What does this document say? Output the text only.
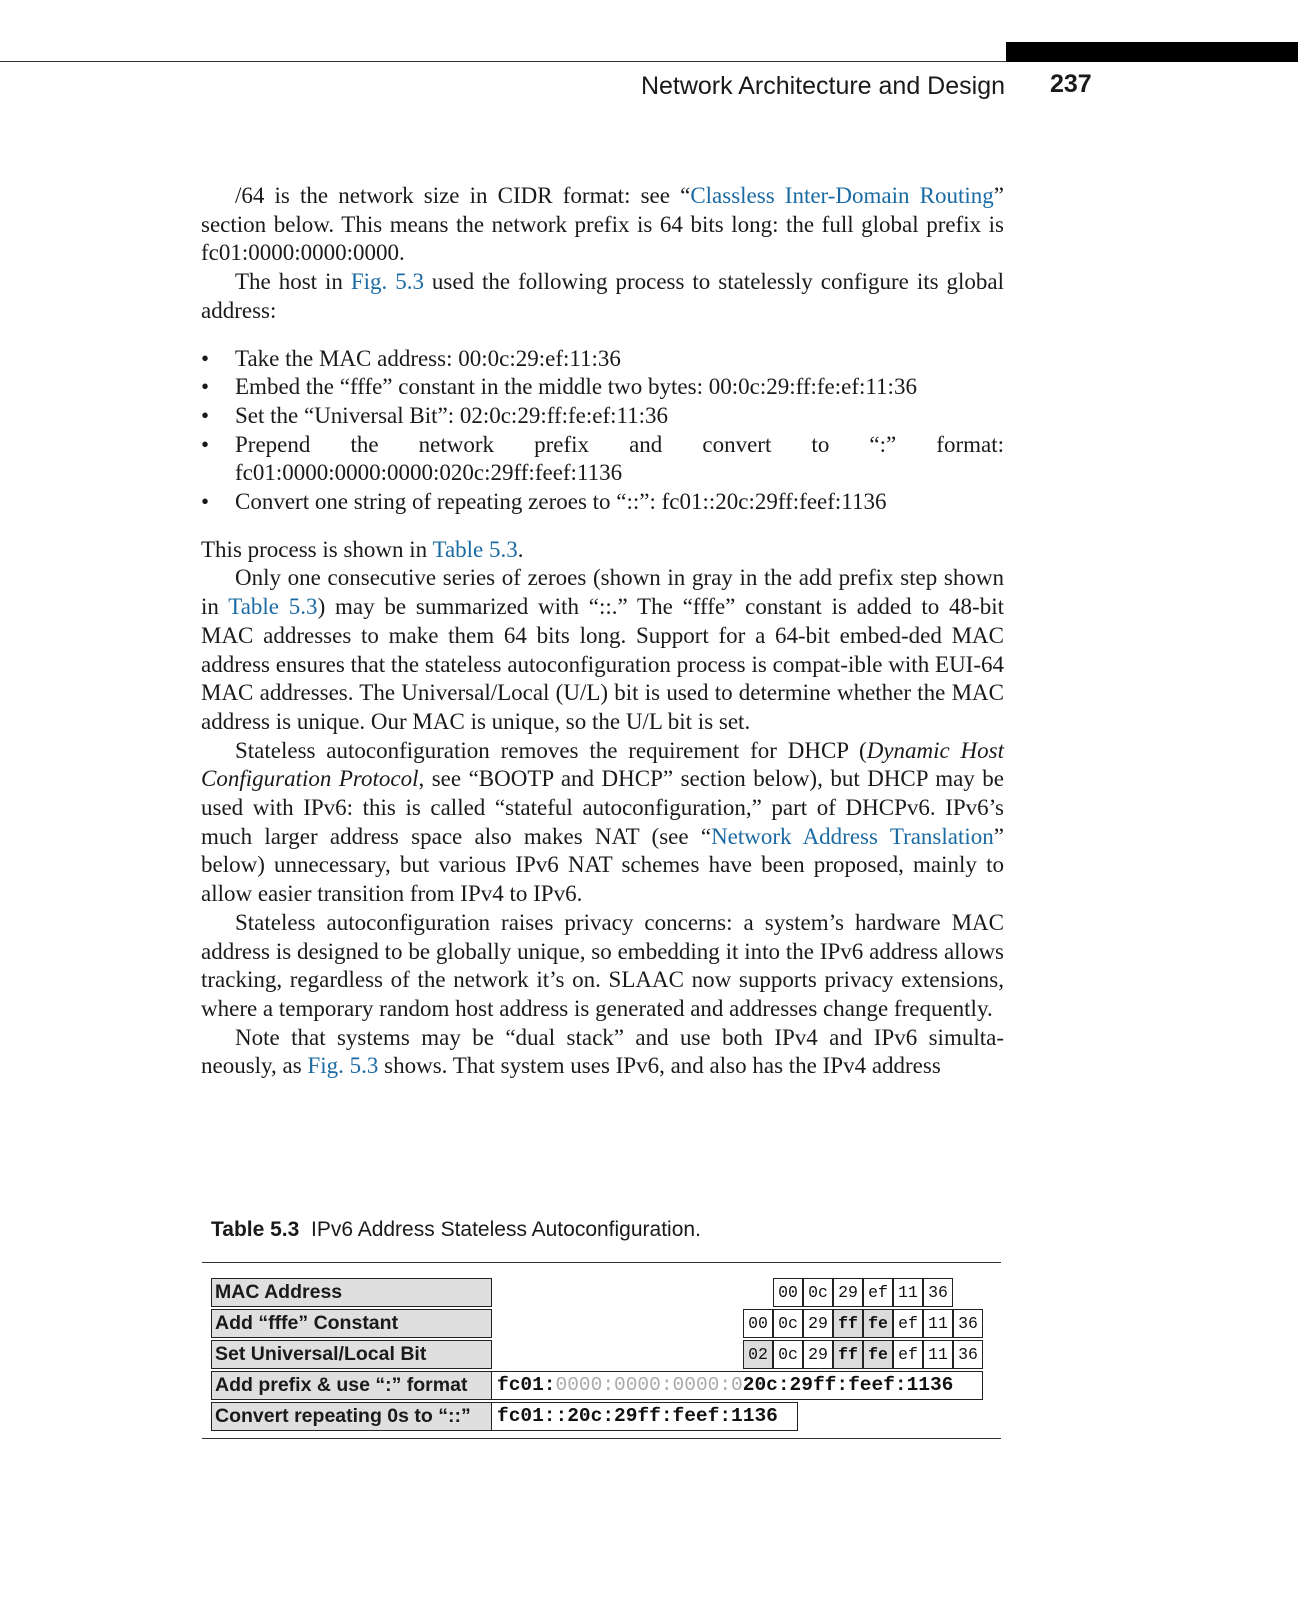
Network Architecture and Design 237

/64 is the network size in CIDR format: see “Classless Inter-Domain Routing” section below. This means the network prefix is 64 bits long: the full global prefix is fc01:0000:0000:0000.

The host in Fig. 5.3 used the following process to statelessly configure its global address:

• Take the MAC address: 00:0c:29:ef:11:36
• Embed the “fffe” constant in the middle two bytes: 00:0c:29:ff:fe:ef:11:36
• Set the “Universal Bit”: 02:0c:29:ff:fe:ef:11:36
• Prepend the network prefix and convert to “:” format:
fc01:0000:0000:0000:020c:29ff:feef:1136
• Convert one string of repeating zeroes to “::”: fc01::20c:29ff:feef:1136

This process is shown in Table 5.3.

Only one consecutive series of zeroes (shown in gray in the add prefix step shown in Table 5.3) may be summarized with “::.” The “fffe” constant is added to 48-bit MAC addresses to make them 64 bits long. Support for a 64-bit embed-ded MAC address ensures that the stateless autoconfiguration process is compat-ible with EUI-64 MAC addresses. The Universal/Local (U/L) bit is used to determine whether the MAC address is unique. Our MAC is unique, so the U/L bit is set.

Stateless autoconfiguration removes the requirement for DHCP (Dynamic Host Configuration Protocol, see “BOOTP and DHCP” section below), but DHCP may be used with IPv6: this is called “stateful autoconfiguration,” part of DHCPv6. IPv6’s much larger address space also makes NAT (see “Network Address Translation” below) unnecessary, but various IPv6 NAT schemes have been proposed, mainly to allow easier transition from IPv4 to IPv6.

Stateless autoconfiguration raises privacy concerns: a system’s hardware MAC address is designed to be globally unique, so embedding it into the IPv6 address allows tracking, regardless of the network it’s on. SLAAC now supports privacy extensions, where a temporary random host address is generated and addresses change frequently.

Note that systems may be “dual stack” and use both IPv4 and IPv6 simulta-neously, as Fig. 5.3 shows. That system uses IPv6, and also has the IPv4 address

Table 5.3 IPv6 Address Stateless Autoconfiguration.
MAC Address
Add “fffe” Constant
Set Universal/Local Bit
Add prefix & use “:” format
Convert repeating 0s to “::”
00 0c 29 ef 11 36
00 0c 29 ff fe ef 11 36
02 0c 29 ff fe ef 11 36
fc01:0000:0000:0000:020c:29ff:feef:1136
fc01::20c:29ff:feef:1136
